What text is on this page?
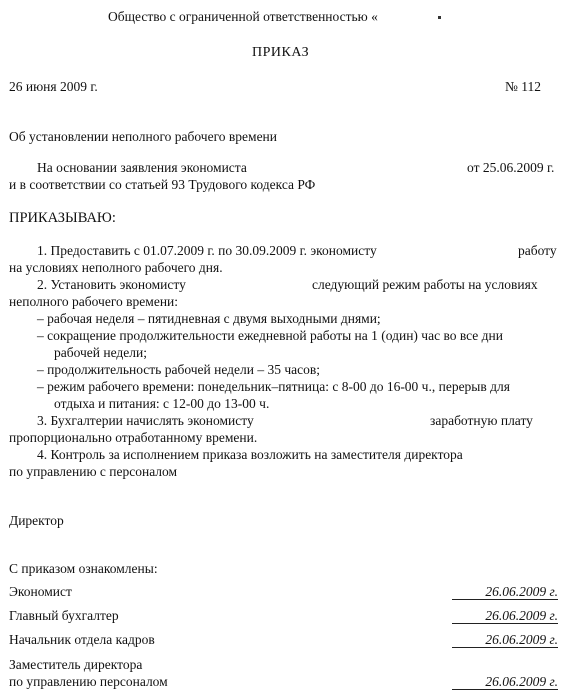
Общество с ограниченной ответственностью «
ПРИКАЗ
26 июня 2009 г.	№ 112
Об установлении неполного рабочего времени
На основании заявления экономиста	от 25.06.2009 г.
и в соответствии со статьей 93 Трудового кодекса РФ
ПРИКАЗЫВАЮ:
1. Предоставить с 01.07.2009 г. по 30.09.2009 г. экономисту	работу
на условиях неполного рабочего дня.
2. Установить экономисту	следующий режим работы на условиях
неполного рабочего времени:
– рабочая неделя – пятидневная с двумя выходными днями;
– сокращение продолжительности ежедневной работы на 1 (один) час во все дни
рабочей недели;
– продолжительность рабочей недели – 35 часов;
– режим рабочего времени: понедельник–пятница: с 8-00 до 16-00 ч., перерыв для
отдыха и питания: с 12-00 до 13-00 ч.
3. Бухгалтерии начислять экономисту	заработную плату
пропорционально отработанному времени.
4. Контроль за исполнением приказа возложить на заместителя директора
по управлению с персоналом
Директор
С приказом ознакомлены:
Экономист	26.06.2009 г.
Главный бухгалтер	26.06.2009 г.
Начальник отдела кадров	26.06.2009 г.
Заместитель директора
по управлению персоналом	26.06.2009 г.
